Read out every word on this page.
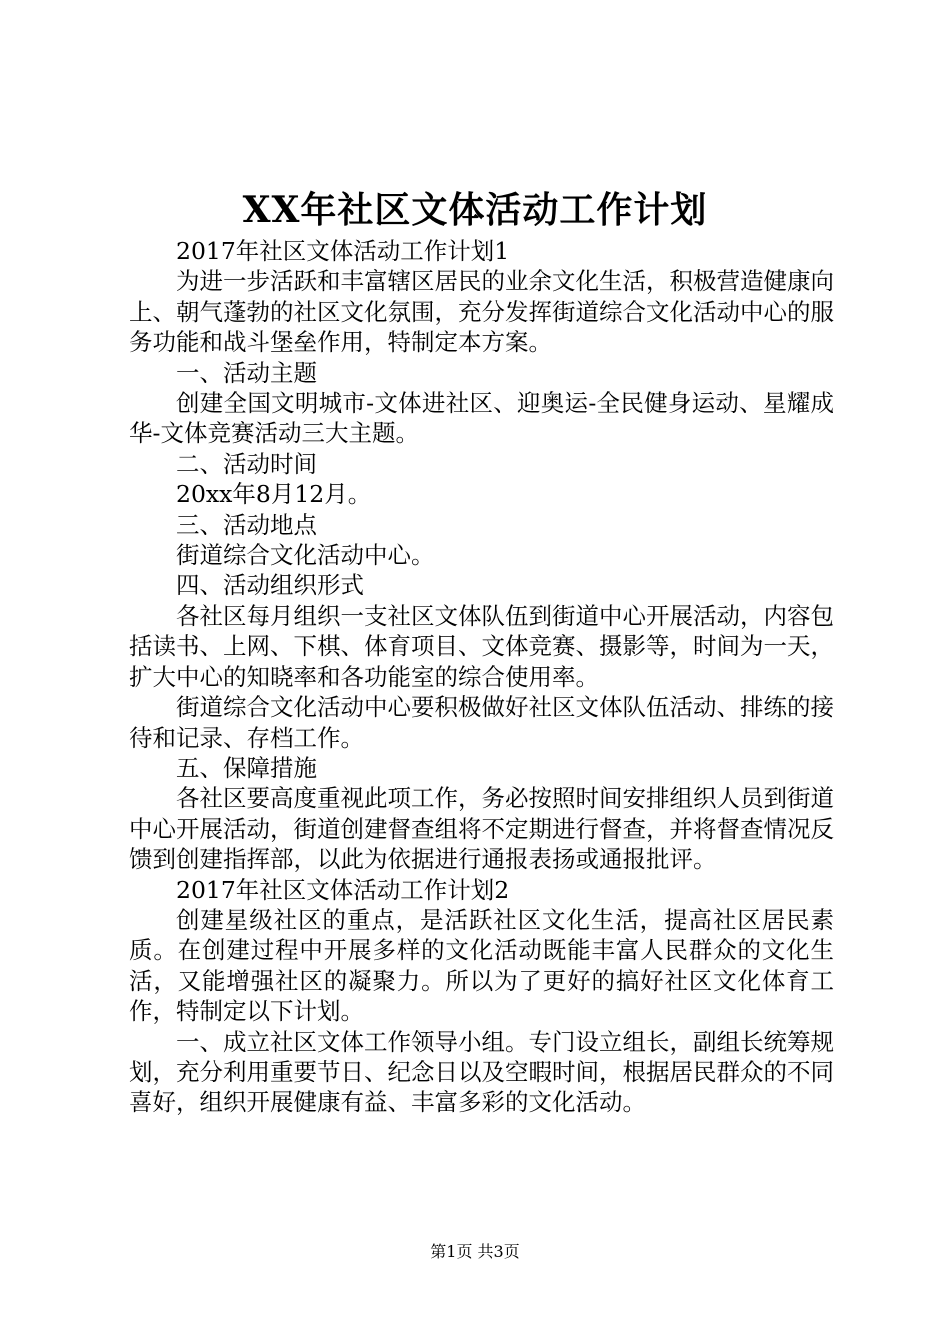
XX年社区文体活动工作计划

2017年社区文体活动工作计划1

为进一步活跃和丰富辖区居民的业余文化生活，积极营造健康向上、朝气蓬勃的社区文化氛围，充分发挥街道综合文化活动中心的服务功能和战斗堡垒作用，特制定本方案。

一、活动主题

创建全国文明城市-文体进社区、迎奥运-全民健身运动、星耀成华-文体竞赛活动三大主题。

二、活动时间

20xx年8月12月。

三、活动地点

街道综合文化活动中心。

四、活动组织形式

各社区每月组织一支社区文体队伍到街道中心开展活动，内容包括读书、上网、下棋、体育项目、文体竞赛、摄影等，时间为一天，扩大中心的知晓率和各功能室的综合使用率。

街道综合文化活动中心要积极做好社区文体队伍活动、排练的接待和记录、存档工作。

五、保障措施

各社区要高度重视此项工作，务必按照时间安排组织人员到街道中心开展活动，街道创建督查组将不定期进行督查，并将督查情况反馈到创建指挥部，以此为依据进行通报表扬或通报批评。

2017年社区文体活动工作计划2

创建星级社区的重点，是活跃社区文化生活，提高社区居民素质。在创建过程中开展多样的文化活动既能丰富人民群众的文化生活，又能增强社区的凝聚力。所以为了更好的搞好社区文化体育工作，特制定以下计划。

一、成立社区文体工作领导小组。专门设立组长，副组长统筹规划，充分利用重要节日、纪念日以及空暇时间，根据居民群众的不同喜好，组织开展健康有益、丰富多彩的文化活动。

第1页 共3页
